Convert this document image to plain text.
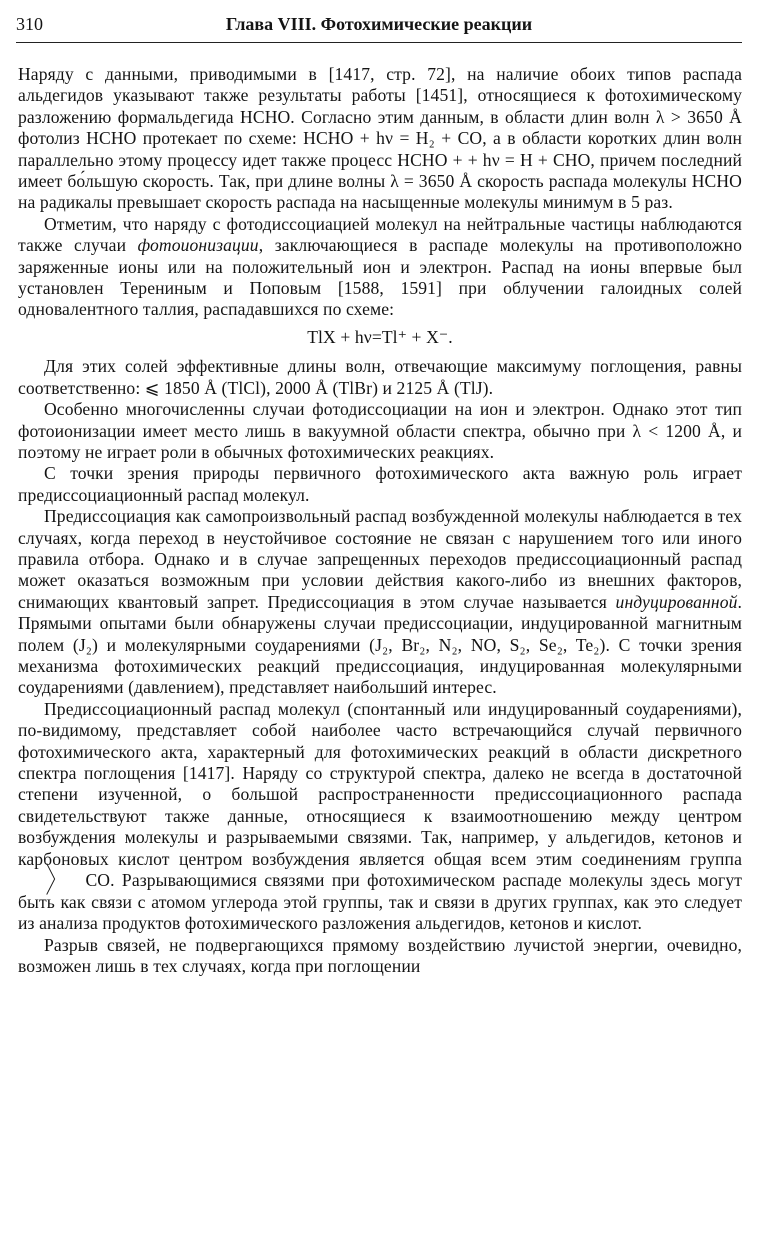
310	Глава VIII. Фотохимические реакции

Наряду с данными, приводимыми в [1417, стр. 72], на наличие обоих типов распада альдегидов указывают также результаты работы [1451], относящиеся к фотохимическому разложению формальдегида НСНО. Согласно этим данным, в области длин волн λ > 3650 Å фотолиз НСНО протекает по схеме: НСНО + hν = H₂ + CO, а в области коротких длин волн параллельно этому процессу идет также процесс НСНО + + hν = H + CHO, причем последний имеет бо́льшую скорость. Так, при длине волны λ = 3650 Å скорость распада молекулы НСНО на радикалы превышает скорость распада на насыщенные молекулы минимум в 5 раз.

Отметим, что наряду с фотодиссоциацией молекул на нейтральные частицы наблюдаются также случаи фотоионизации, заключающиеся в распаде молекулы на противоположно заряженные ионы или на положительный ион и электрон. Распад на ионы впервые был установлен Терениным и Поповым [1588, 1591] при облучении галоидных солей одновалентного таллия, распадавшихся по схеме:

TlX + hν=Tl⁺ + X⁻.

Для этих солей эффективные длины волн, отвечающие максимуму поглощения, равны соответственно: ⩽ 1850 Å (TlCl), 2000 Å (TlBr) и 2125 Å (TlJ).

Особенно многочисленны случаи фотодиссоциации на ион и электрон. Однако этот тип фотоионизации имеет место лишь в вакуумной области спектра, обычно при λ < 1200 Å, и поэтому не играет роли в обычных фотохимических реакциях.

С точки зрения природы первичного фотохимического акта важную роль играет предиссоциационный распад молекул.

Предиссоциация как самопроизвольный распад возбужденной молекулы наблюдается в тех случаях, когда переход в неустойчивое состояние не связан с нарушением того или иного правила отбора. Однако и в случае запрещенных переходов предиссоциационный распад может оказаться возможным при условии действия какого-либо из внешних факторов, снимающих квантовый запрет. Предиссоциация в этом случае называется индуцированной. Прямыми опытами были обнаружены случаи предиссоциации, индуцированной магнитным полем (J₂) и молекулярными соударениями (J₂, Br₂, N₂, NO, S₂, Se₂, Te₂). С точки зрения механизма фотохимических реакций предиссоциация, индуцированная молекулярными соударениями (давлением), представляет наибольший интерес.

Предиссоциационный распад молекул (спонтанный или индуцированный соударениями), по-видимому, представляет собой наиболее часто встречающийся случай первичного фотохимического акта, характерный для фотохимических реакций в области дискретного спектра поглощения [1417]. Наряду со структурой спектра, далеко не всегда в достаточной степени изученной, о большой распространенности предиссоциационного распада свидетельствуют также данные, относящиеся к взаимоотношению между центром возбуждения молекулы и разрываемыми связями. Так, например, у альдегидов, кетонов и карбоновых кислот центром возбуждения является общая всем этим соединениям группа 〉 CO. Разрывающимися связями при фотохимическом распаде молекулы здесь могут быть как связи с атомом углерода этой группы, так и связи в других группах, как это следует из анализа продуктов фотохимического разложения альдегидов, кетонов и кислот.

Разрыв связей, не подвергающихся прямому воздействию лучистой энергии, очевидно, возможен лишь в тех случаях, когда при поглощении
